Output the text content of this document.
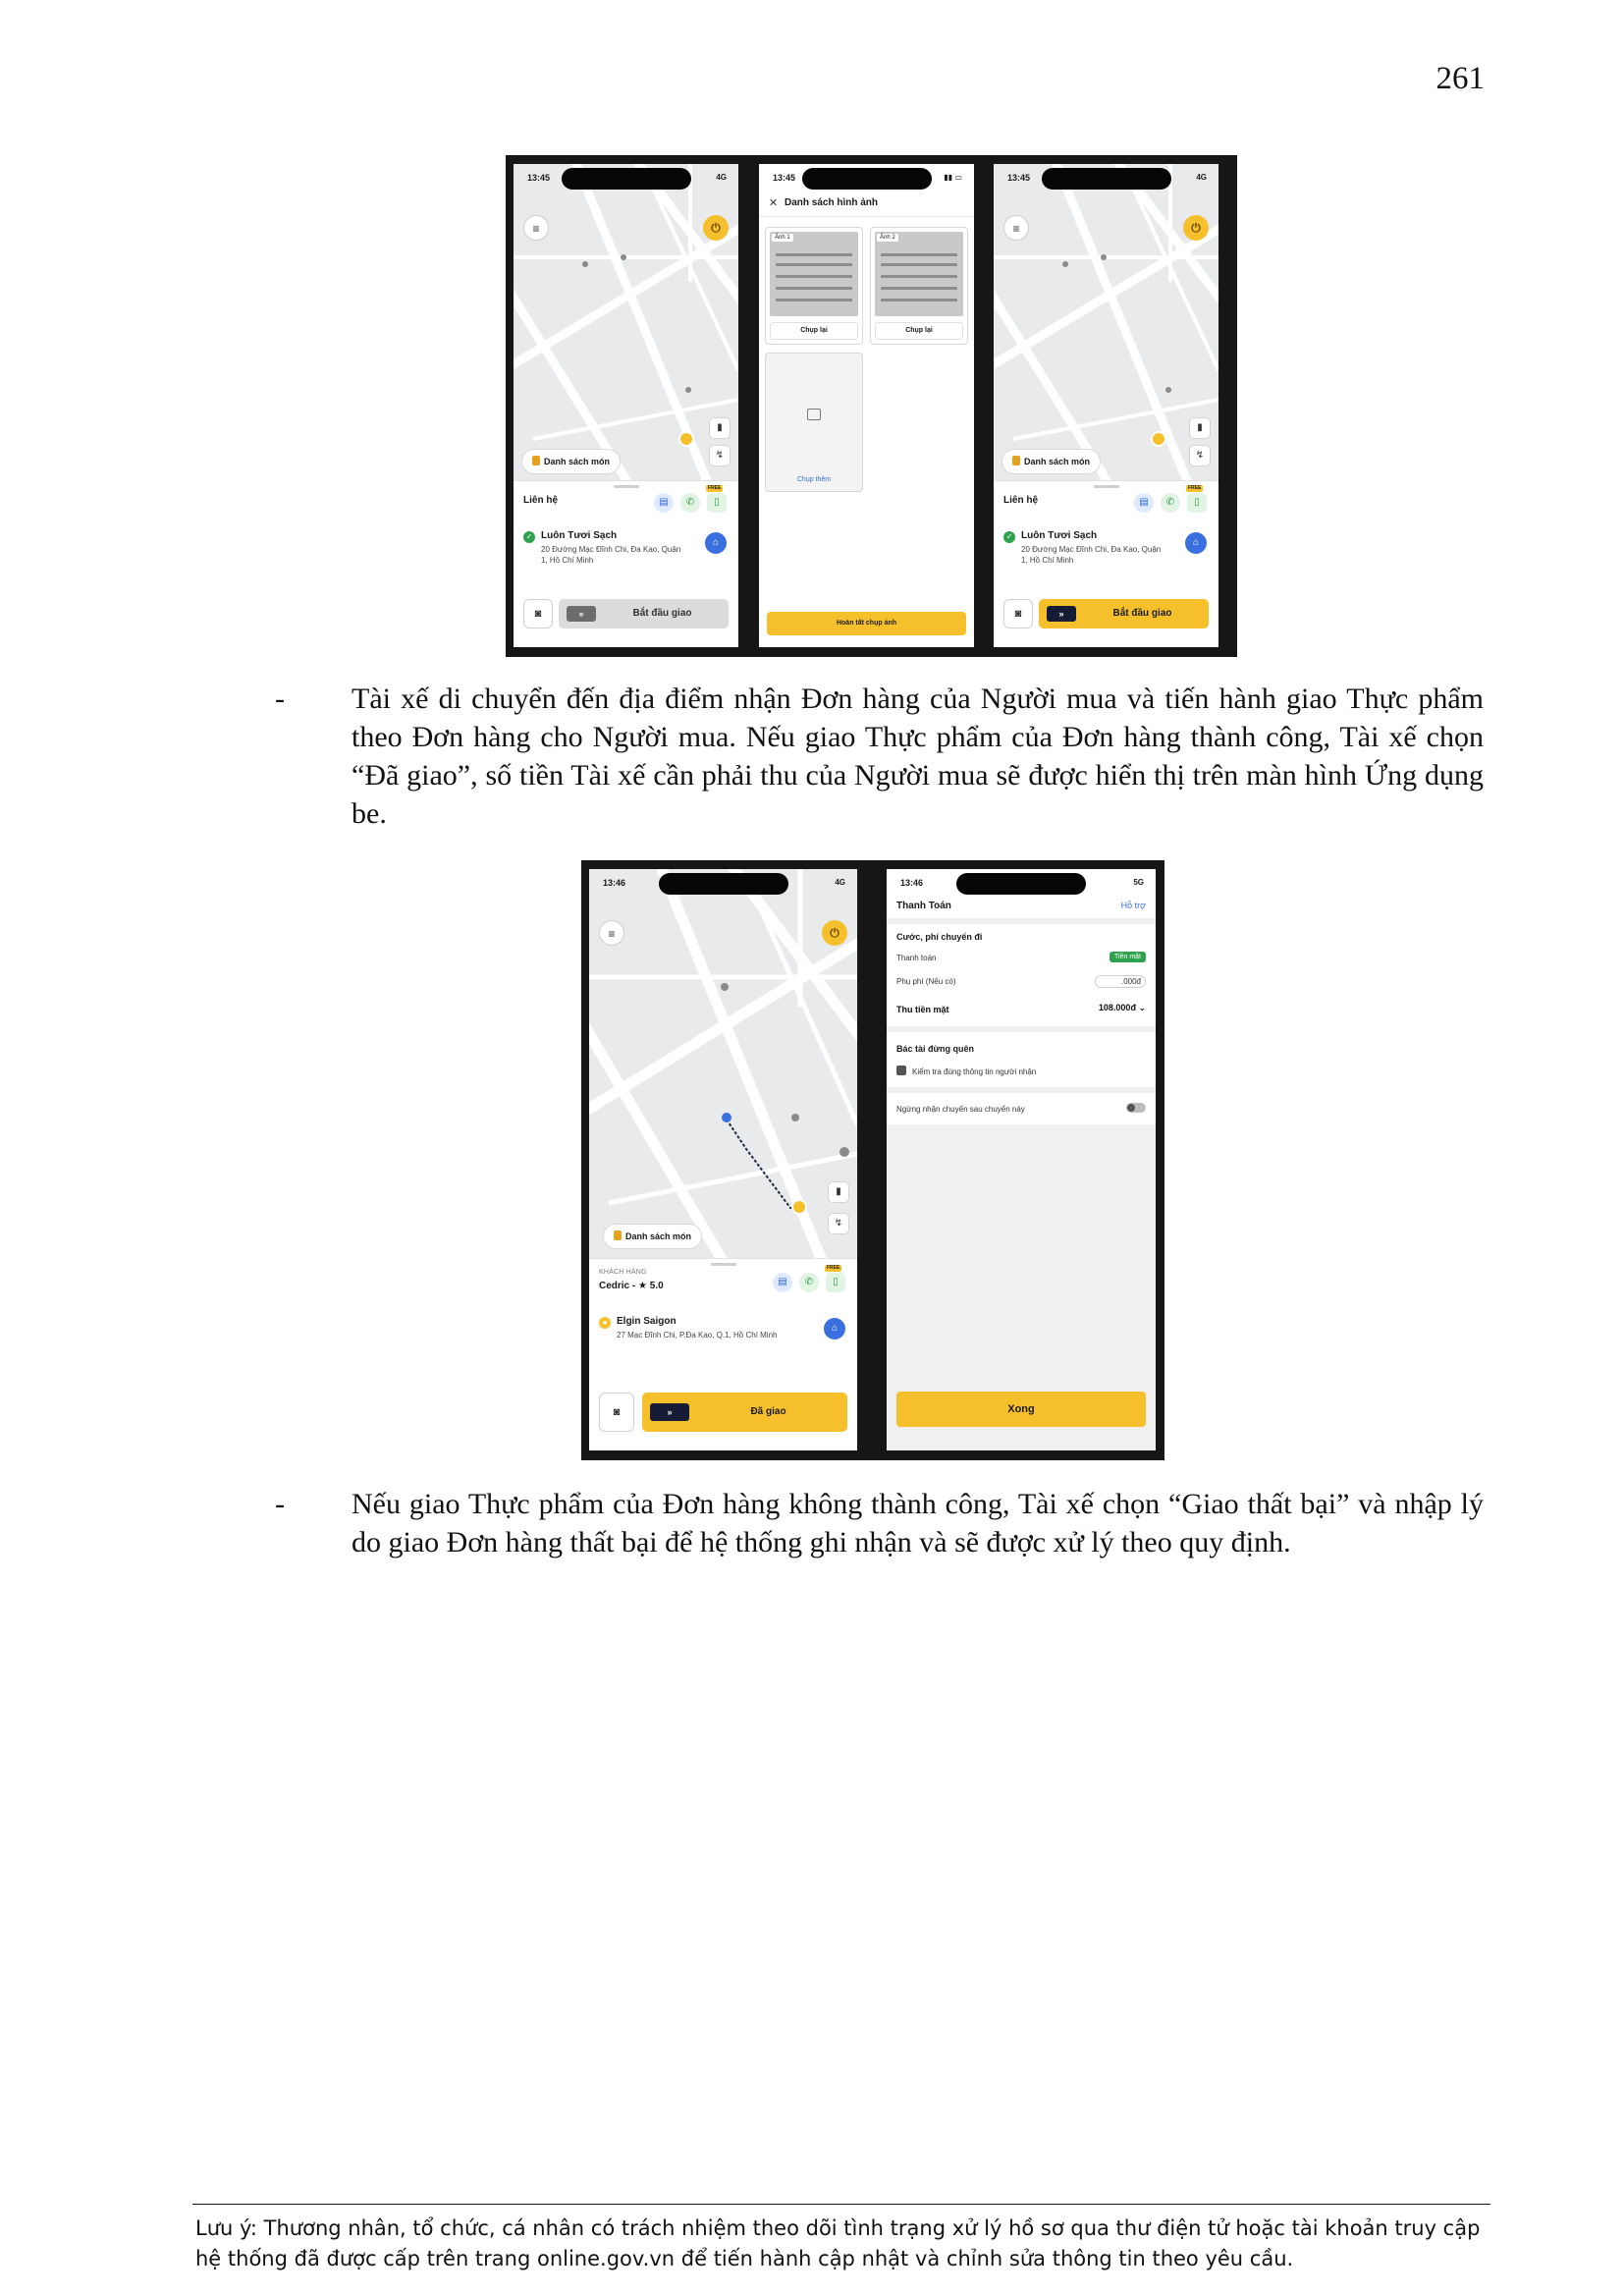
261
≡	⏻
▮
↯
Danh sách món
13:45	4G
Liên hệ	▤	✆
FREE
▯
✓ Luôn Tươi Sạch
20 Đường Mạc Đĩnh Chi, Đa Kao, Quận 1, Hồ Chí Minh
⌂
◙	»	Bắt đầu giao
13:45	▮▮ ▭
✕ Danh sách hình ảnh
Ảnh 1
Chụp lại
Ảnh 2
Chụp lại
Chụp thêm
Hoàn tất chụp ảnh
≡	⏻
▮
↯
Danh sách món
13:45	4G
Liên hệ	▤	✆
FREE
▯
✓ Luôn Tươi Sạch
20 Đường Mạc Đĩnh Chi, Đa Kao, Quận 1, Hồ Chí Minh
⌂
◙	»	Bắt đầu giao
- Tài xế di chuyển đến địa điểm nhận Đơn hàng của Người mua và tiến hành giao Thực phẩm theo Đơn hàng cho Người mua. Nếu giao Thực phẩm của Đơn hàng thành công, Tài xế chọn “Đã giao”, số tiền Tài xế cần phải thu của Người mua sẽ được hiển thị trên màn hình Ứng dụng be.
≡	⏻
▮
↯
Danh sách món
13:46	4G
KHÁCH HÀNG
Cedric - ★ 5.0	▤	✆
FREE
▯
● Elgin Saigon
27 Mạc Đĩnh Chi, P.Đa Kao, Q.1, Hồ Chí Minh
⌂
◙	»	Đã giao
13:46	5G
Thanh Toán	Hỗ trợ
Cước, phí chuyến đi
Thanh toán	Tiền mặt
Phụ phí (Nếu có)	.000đ
Thu tiền mặt	108.000đ ⌄
Bác tài đừng quên
Kiểm tra đúng thông tin người nhận
Ngừng nhận chuyến sau chuyến này
Xong
- Nếu giao Thực phẩm của Đơn hàng không thành công, Tài xế chọn “Giao thất bại” và nhập lý do giao Đơn hàng thất bại để hệ thống ghi nhận và sẽ được xử lý theo quy định.
Lưu ý: Thương nhân, tổ chức, cá nhân có trách nhiệm theo dõi tình trạng xử lý hồ sơ qua thư điện tử hoặc tài khoản truy cập hệ thống đã được cấp trên trang online.gov.vn để tiến hành cập nhật và chỉnh sửa thông tin theo yêu cầu.
